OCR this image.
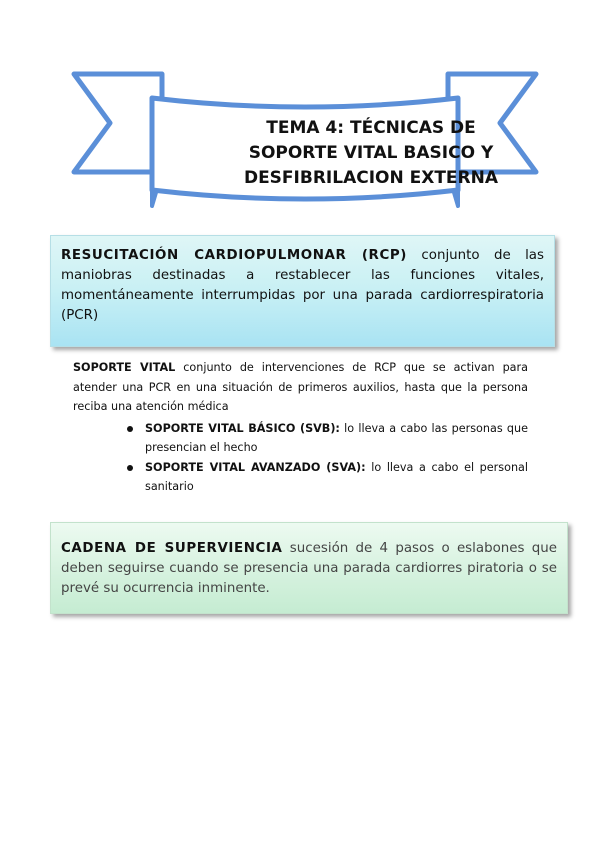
TEMA 4: TÉCNICAS DE
SOPORTE VITAL BASICO Y
DESFIBRILACION EXTERNA
RESUCITACIÓN CARDIOPULMONAR (RCP) conjunto de las maniobras destinadas a restablecer las funciones vitales, momentáneamente interrumpidas por una parada cardiorrespiratoria (PCR)
SOPORTE VITAL conjunto de intervenciones de RCP que se activan para atender una PCR en una situación de primeros auxilios, hasta que la persona reciba una atención médica
SOPORTE VITAL BÁSICO (SVB): lo lleva a cabo las personas que presencian el hecho
SOPORTE VITAL AVANZADO (SVA): lo lleva a cabo el personal sanitario
CADENA DE SUPERVIENCIA sucesión de 4 pasos o eslabones que deben seguirse cuando se presencia una parada cardiorres piratoria o se prevé su ocurrencia inminente.
